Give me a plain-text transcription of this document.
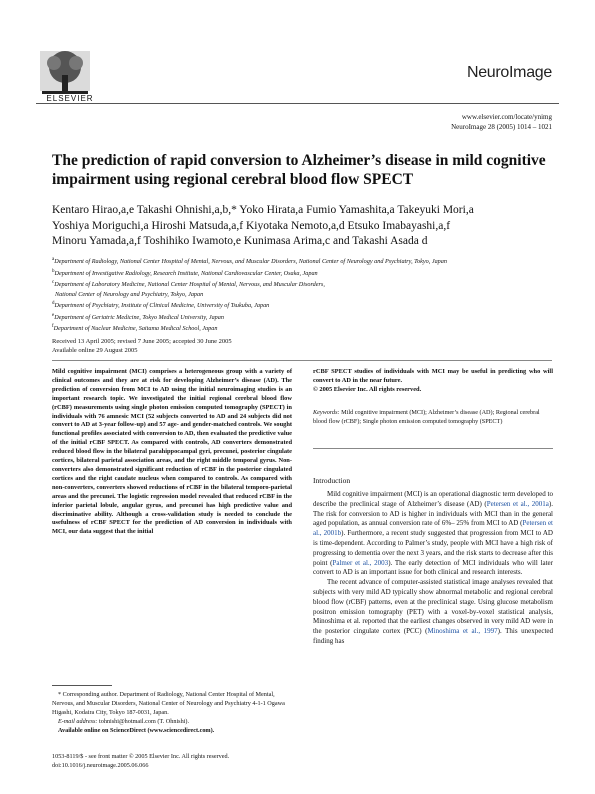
ELSEVIER
NeuroImage
www.elsevier.com/locate/ynimg
NeuroImage 28 (2005) 1014 – 1021
The prediction of rapid conversion to Alzheimer’s disease in mild cognitive impairment using regional cerebral blood flow SPECT
Kentaro Hirao,a,e Takashi Ohnishi,a,b,* Yoko Hirata,a Fumio Yamashita,a Takeyuki Mori,a
Yoshiya Moriguchi,a Hiroshi Matsuda,a,f Kiyotaka Nemoto,a,d Etsuko Imabayashi,a,f
Minoru Yamada,a,f Toshihiko Iwamoto,e Kunimasa Arima,c and Takashi Asada d
$^a$Department of Radiology, National Center Hospital of Mental, Nervous, and Muscular Disorders, National Center of Neurology and Psychiatry, Tokyo, Japan
$^b$Department of Investigative Radiology, Research Institute, National Cardiovascular Center, Osaka, Japan
$^c$Department of Laboratory Medicine, National Center Hospital of Mental, Nervous, and Muscular Disorders,
National Center of Neurology and Psychiatry, Tokyo, Japan
$^d$Department of Psychiatry, Institute of Clinical Medicine, University of Tsukuba, Japan
$^e$Department of Geriatric Medicine, Tokyo Medical University, Japan
$^f$Department of Nuclear Medicine, Saitama Medical School, Japan
Received 13 April 2005; revised 7 June 2005; accepted 30 June 2005
Available online 29 August 2005
Mild cognitive impairment (MCI) comprises a heterogeneous group with a variety of clinical outcomes and they are at risk for developing Alzheimer’s disease (AD). The prediction of conversion from MCI to AD using the initial neuroimaging studies is an important research topic. We investigated the initial regional cerebral blood flow (rCBF) measurements using single photon emission computed tomography (SPECT) in individuals with 76 amnesic MCI (52 subjects converted to AD and 24 subjects did not convert to AD at 3-year follow-up) and 57 age- and gender-matched controls. We sought functional profiles associated with conversion to AD, then evaluated the predictive value of the initial rCBF SPECT. As compared with controls, AD converters demonstrated reduced blood flow in the bilateral parahippocampal gyri, precunei, posterior cingulate cortices, bilateral parietal association areas, and the right middle temporal gyrus. Non-converters also demonstrated significant reduction of rCBF in the posterior cingulated cortices and the right caudate nucleus when compared to controls. As compared with non-converters, converters showed reductions of rCBF in the bilateral temporo-parietal areas and the precunei. The logistic regression model revealed that reduced rCBF in the inferior parietal lobule, angular gyrus, and precunei has high predictive value and discriminative ability. Although a cross-validation study is needed to conclude the usefulness of rCBF SPECT for the prediction of AD conversion in individuals with MCI, our data suggest that the initial
rCBF SPECT studies of individuals with MCI may be useful in predicting who will convert to AD in the near future.
© 2005 Elsevier Inc. All rights reserved.
Keywords: Mild cognitive impairment (MCI); Alzheimer’s disease (AD); Regional cerebral blood flow (rCBF); Single photon emission computed tomography (SPECT)
Introduction

Mild cognitive impairment (MCI) is an operational diagnostic term developed to describe the preclinical stage of Alzheimer’s disease (AD) (Petersen et al., 2001a). The risk for conversion to AD is higher in individuals with MCI than in the general aged population, as annual conversion rate of 6%– 25% from MCI to AD (Petersen et al., 2001b). Furthermore, a recent study suggested that progression from MCI to AD is time-dependent. According to Palmer’s study, people with MCI have a high risk of progressing to dementia over the next 3 years, and the risk starts to decrease after this point (Palmer et al., 2003). The early detection of MCI individuals who will later convert to AD is an important issue for both clinical and research interests.

The recent advance of computer-assisted statistical image analyses revealed that subjects with very mild AD typically show abnormal metabolic and regional cerebral blood flow (rCBF) patterns, even at the preclinical stage. Using glucose metabolism positron emission tomography (PET) with a voxel-by-voxel statistical analysis, Minoshima et al. reported that the earliest changes observed in very mild AD were in the posterior cingulate cortex (PCC) (Minoshima et al., 1997). This unexpected finding has

* Corresponding author. Department of Radiology, National Center Hospital of Mental, Nervous, and Muscular Disorders, National Center of Neurology and Psychiatry 4-1-1 Ogawa Higashi, Kodaira City, Tokyo 187-0031, Japan.
E-mail address: tohnishi@hotmail.com (T. Ohnishi).
Available online on ScienceDirect (www.sciencedirect.com).
1053-8119/$ - see front matter © 2005 Elsevier Inc. All rights reserved.
doi:10.1016/j.neuroimage.2005.06.066
